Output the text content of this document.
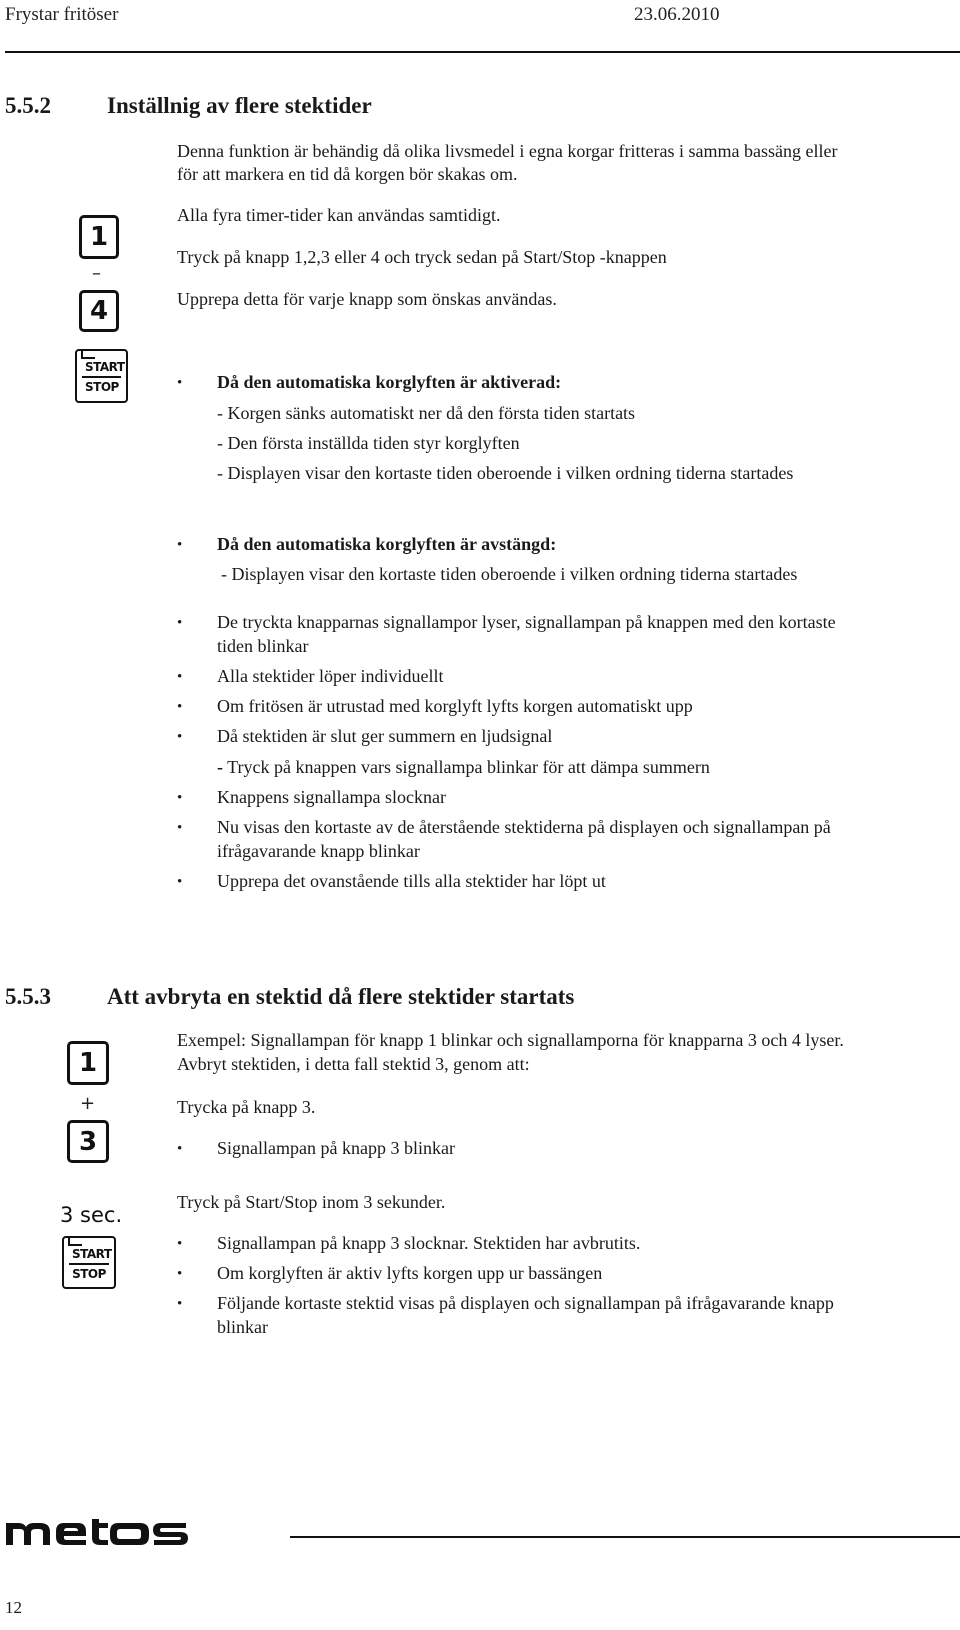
Frystar fritöser	23.06.2010
5.5.2 Inställnig av flere stektider
Denna funktion är behändig då olika livsmedel i egna korgar fritteras i samma bassäng eller
för att markera en tid då korgen bör skakas om.
Alla fyra timer-tider kan användas samtidigt.
Tryck på knapp 1,2,3 eller 4 och tryck sedan på Start/Stop -knappen
Upprepa detta för varje knapp som önskas användas.
1
–
4
START
STOP	• Då den automatiska korglyften är aktiverad:
- Korgen sänks automatiskt ner då den första tiden startats
- Den första inställda tiden styr korglyften
- Displayen visar den kortaste tiden oberoende i vilken ordning tiderna startades
• Då den automatiska korglyften är avstängd:
- Displayen visar den kortaste tiden oberoende i vilken ordning tiderna startades
• De tryckta knapparnas signallampor lyser, signallampan på knappen med den kortaste
tiden blinkar
• Alla stektider löper individuellt
• Om fritösen är utrustad med korglyft lyfts korgen automatiskt upp
• Då stektiden är slut ger summern en ljudsignal
- Tryck på knappen vars signallampa blinkar för att dämpa summern
• Knappens signallampa slocknar
• Nu visas den kortaste av de återstående stektiderna på displayen och signallampan på
ifrågavarande knapp blinkar
• Upprepa det ovanstående tills alla stektider har löpt ut
5.5.3 Att avbryta en stektid då flere stektider startats
Exempel: Signallampan för knapp 1 blinkar och signallamporna för knapparna 3 och 4 lyser.
Avbryt stektiden, i detta fall stektid 3, genom att:
Trycka på knapp 3.
• Signallampan på knapp 3 blinkar
Tryck på Start/Stop inom 3 sekunder.
• Signallampan på knapp 3 slocknar. Stektiden har avbrutits.
• Om korglyften är aktiv lyfts korgen upp ur bassängen
• Följande kortaste stektid visas på displayen och signallampan på ifrågavarande knapp
blinkar
1
+
3
3 sec.
START
STOP
12
